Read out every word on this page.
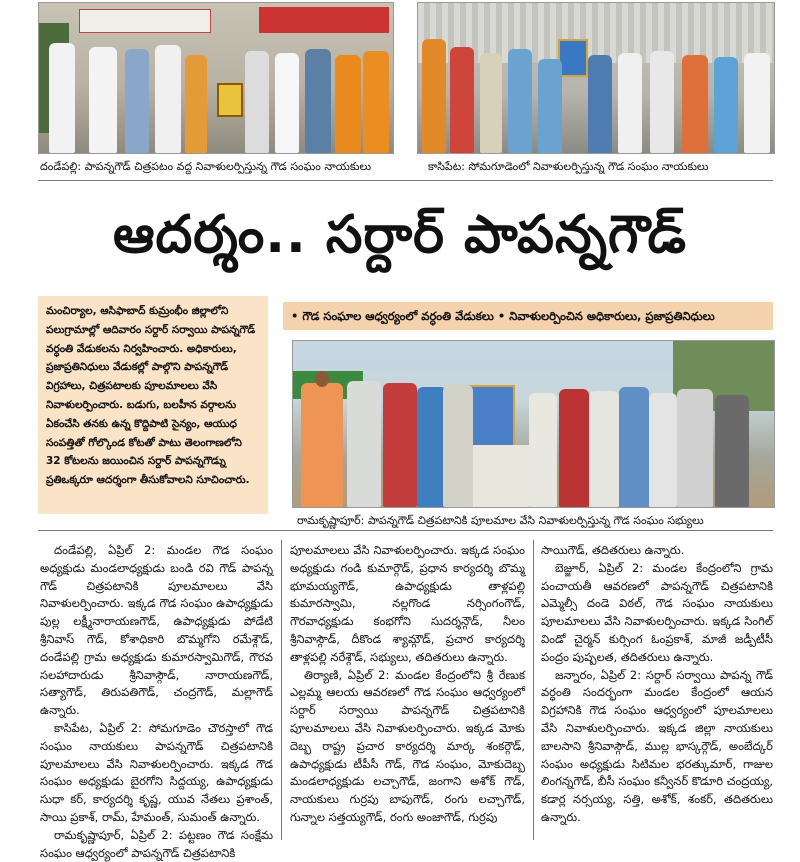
దండేపల్లి: పాపన్నగౌడ్ చిత్రపటం వద్ద నివాళులర్పిస్తున్న గౌడ సంఘం నాయకులు	కాసిపేట: సోమగూడెంలో నివాళులర్పిస్తున్న గౌడ సంఘం నాయకులు
ఆదర్శం.. సర్దార్ పాపన్నగౌడ్
మంచిర్యాల, ఆసిఫాబాద్ కుమ్రంభీం జిల్లాలోని పలుగ్రామాల్లో ఆదివారం సర్దార్ సర్వాయి పాపన్నగౌడ్ వర్ధంతి వేడుకలను నిర్వహించారు. అధికారులు, ప్రజాప్రతినిధులు వేడుకల్లో పాల్గొని పాపన్నగౌడ్ విగ్రహాలు, చిత్రపటాలకు పూలమాలలు వేసి నివాళులర్పించారు. బడుగు, బలహీన వర్గాలను ఏకంచేసి తనకు ఉన్న కొద్దిపాటి సైన్యం, ఆయుధ సంపత్తితో గోల్కొండ కోటతో పాటు తెలంగాణలోని 32 కోటలను జయించిన సర్దార్ పాపన్నగౌడ్ను ప్రతిఒక్కరూ ఆదర్శంగా తీసుకోవాలని సూచించారు.
• గౌడ సంఘాల ఆధ్వర్యంలో వర్ధంతి వేడుకలు • నివాళులర్పించిన అధికారులు, ప్రజాప్రతినిధులు
రామకృష్ణాపూర్: పాపన్నగౌడ్ చిత్రపటానికి పూలమాల వేసి నివాళులర్పిస్తున్న గౌడ సంఘం సభ్యులు

దండేపల్లి, ఏప్రిల్ 2: మండల గౌడ సంఘం అధ్యక్షుడు మండలాధ్యక్షుడు బండి రవి గౌడ్ పాపన్న గౌడ్ చిత్రపటానికి పూలమాలలు వేసి నివాళులర్పించారు. ఇక్కడ గౌడ సంఘం ఉపాధ్యక్షుడు పుల్ల లక్ష్మీనారాయణగౌడ్, ఉపాధ్యక్షుడు పోడేటి శ్రీనివాస్ గౌడ్, కోశాధికారి బొమ్మగోని రమేశ్గౌడ్, దండేపల్లి గ్రామ అధ్యక్షుడు కుమారస్వామిగౌడ్, గౌరవ సలహాదారుడు శ్రీనివాస్గౌడ్, నారాయణగౌడ్, సత్యాగౌడ్, తిరుపతిగౌడ్, చంద్రగౌడ్, మల్లాగౌడ్ ఉన్నారు.

కాసిపేట, ఏప్రిల్ 2: సోమగూడెం చౌరస్తాలో గౌడ సంఘం నాయకులు పాపన్నగౌడ్ చిత్రపటానికి పూలమాలలు వేసి నివాళులర్పించారు. ఇక్కడ గౌడ సంఘం అధ్యక్షుడు బైరగోని సిద్దయ్య, ఉపాధ్యక్షుడు సుధా కర్, కార్యదర్శి కృష్ణ, యువ నేతలు ప్రశాంత్, సాయి ప్రకాశ్, రామ్, హేమంత్, సుమంత్ ఉన్నారు.

రామకృష్ణాపూర్, ఏప్రిల్ 2: పట్టణం గౌడ సంక్షేమ సంఘం ఆధ్వర్యంలో పాపన్నగౌడ్ చిత్రపటానికి

పూలమాలలు వేసి నివాళులర్పించారు. ఇక్కడ సంఘం అధ్యక్షుడు గండి కుమార్గౌడ్, ప్రధాన కార్యదర్శి బొమ్మ భూమయ్యగౌడ్, ఉపాధ్యక్షుడు తాళ్లపల్లి కుమారస్వామి, నల్లగొండ నర్సింగంగౌడ్, గౌరవాధ్యక్షుడు కంభగోని సుదర్శన్గౌడ్, నీలం శ్రీనివాస్గౌడ్, దీకొండ శ్యామ్గౌడ్, ప్రచార కార్యదర్శి తాళ్లపల్లి నరేశ్గౌడ్, సభ్యులు, తదితరులు ఉన్నారు.

తిర్యాణి, ఏప్రిల్ 2: మండల కేంద్రంలోని శ్రీ రేణుక ఎల్లమ్మ ఆలయ ఆవరణలో గౌడ సంఘం ఆధ్వర్యంలో సర్దార్ సర్వాయి పాపన్నగౌడ్ చిత్రపటానికి పూలమాలలు వేసి నివాళులర్పించారు. ఇక్కడ మోకు దెబ్బ రాష్ట్ర ప్రచార కార్యదర్శి మార్క శంకర్గౌడ్, ఉపాధ్యక్షుడు టీపీసీ గౌడ్, గౌడ సంఘం, మోకుదెబ్బ మండలాధ్యక్షుడు లచ్చాగౌడ్, జంగాని అశోక్ గౌడ్, నాయకులు గుర్రపు బాపుగౌడ్, రంగు లచ్చాగౌడ్, గున్నాల సత్తయ్యగౌడ్, రంగు అంజాగౌడ్, గుర్రపు

సాయిగౌడ్, తదితరులు ఉన్నారు.

బెజ్జూర్, ఏప్రిల్ 2: మండల కేంద్రంలోని గ్రామ పంచాయతీ ఆవరణలో పాపన్నగౌడ్ చిత్రపటానికి ఎమ్మెల్సీ దండె విఠల్, గౌడ సంఘం నాయకులు పూలమాలలు వేసి నివాళులర్పించారు. ఇక్కడ సింగిల్ విండో చైర్మన్ కుర్సింగ ఓంప్రకాశ్, మాజీ జడ్పీటీసీ పంద్రం పుష్పలత, తదితరులు ఉన్నారు.

జన్నారం, ఏప్రిల్ 2: సర్దార్ సర్వాయి పాపన్న గౌడ్ వర్ధంతి సందర్భంగా మండల కేంద్రంలో ఆయన విగ్రహానికి గౌడ సంఘం ఆధ్వర్యంలో పూలమాలలు వేసి నివాళులర్పించారు. ఇక్కడ జిల్లా నాయకులు బాలసాని శ్రీనివాస్గౌడ్, ముల్ల భాస్కర్గౌడ్, అంబేద్కర్ సంఘం అధ్యక్షుడు సిటిమల భరత్కుమార్, గాజుల లింగన్నగౌడ్, బీసీ సంఘం కన్వీనర్ కొడూరి చంద్రయ్య, కడార్ల నర్సయ్య, సత్తి, అశోక్, శంకర్, తదితరులు ఉన్నారు.
